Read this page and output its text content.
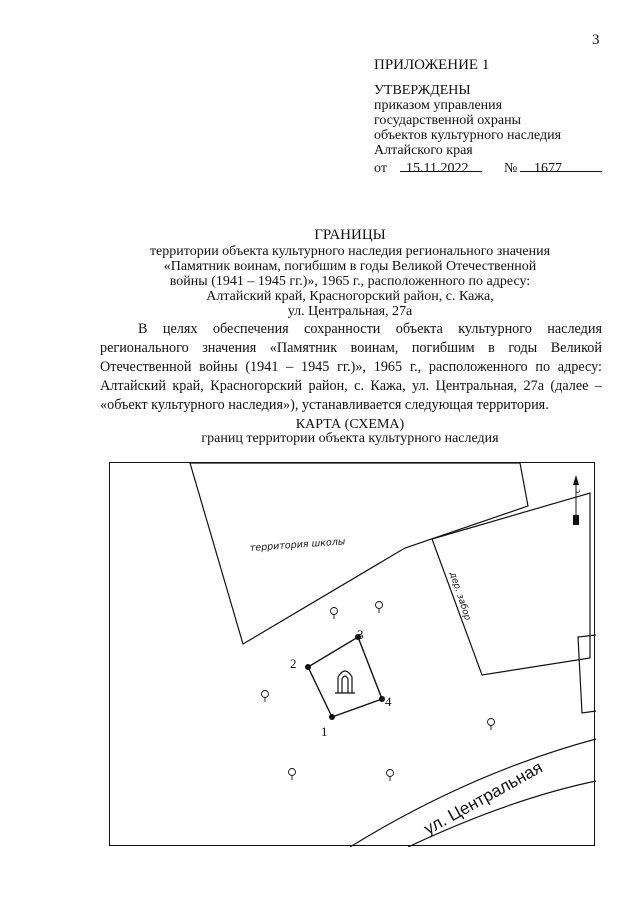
3
ПРИЛОЖЕНИЕ 1
УТВЕРЖДЕНЫ
приказом управления
государственной охраны
объектов культурного наследия
Алтайского края
от 15.11.2022	№ 1677
ГРАНИЦЫ
территории объекта культурного наследия регионального значения
«Памятник воинам, погибшим в годы Великой Отечественной
войны (1941 – 1945 гг.)», 1965 г., расположенного по адресу:
Алтайский край, Красногорский район, с. Кажа,
ул. Центральная, 27а
В целях обеспечения сохранности объекта культурного наследия регионального значения «Памятник воинам, погибшим в годы Великой Отечественной войны (1941 – 1945 гг.)», 1965 г., расположенного по адресу: Алтайский край, Красногорский район, с. Кажа, ул. Центральная, 27а (далее – «объект культурного наследия»), устанавливается следующая территория.
КАРТА (СХЕМА)
границ территории объекта культурного наследия
территория школы
дер. забор
с
ул. Центральная
1
2
3
4
